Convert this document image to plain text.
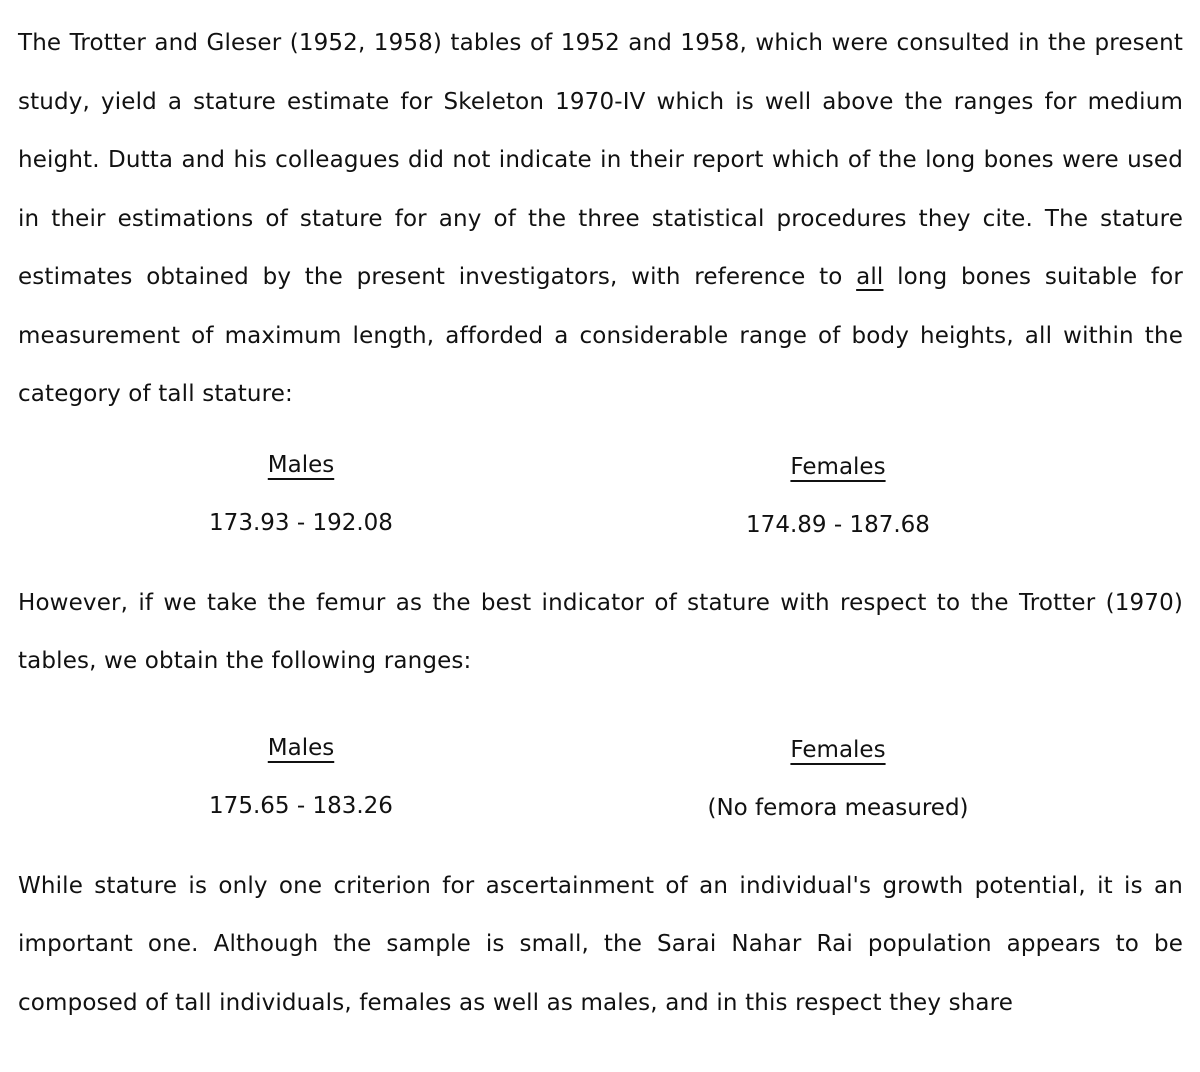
The Trotter and Gleser (1952, 1958) tables of 1952 and 1958, which were consulted in the present study, yield a stature estimate for Skeleton 1970-IV which is well above the ranges for medium height. Dutta and his colleagues did not indicate in their report which of the long bones were used in their estimations of stature for any of the three statistical procedures they cite. The stature estimates obtained by the present investigators, with reference to all long bones suitable for measurement of maximum length, afforded a considerable range of body heights, all within the category of tall stature:

Males
173.93 - 192.08
Females
174.89 - 187.68

However, if we take the femur as the best indicator of stature with respect to the Trotter (1970) tables, we obtain the following ranges:

Males
175.65 - 183.26
Females
(No femora measured)

While stature is only one criterion for ascertainment of an individual's growth potential, it is an important one. Although the sample is small, the Sarai Nahar Rai population appears to be composed of tall individuals, females as well as males, and in this respect they share
